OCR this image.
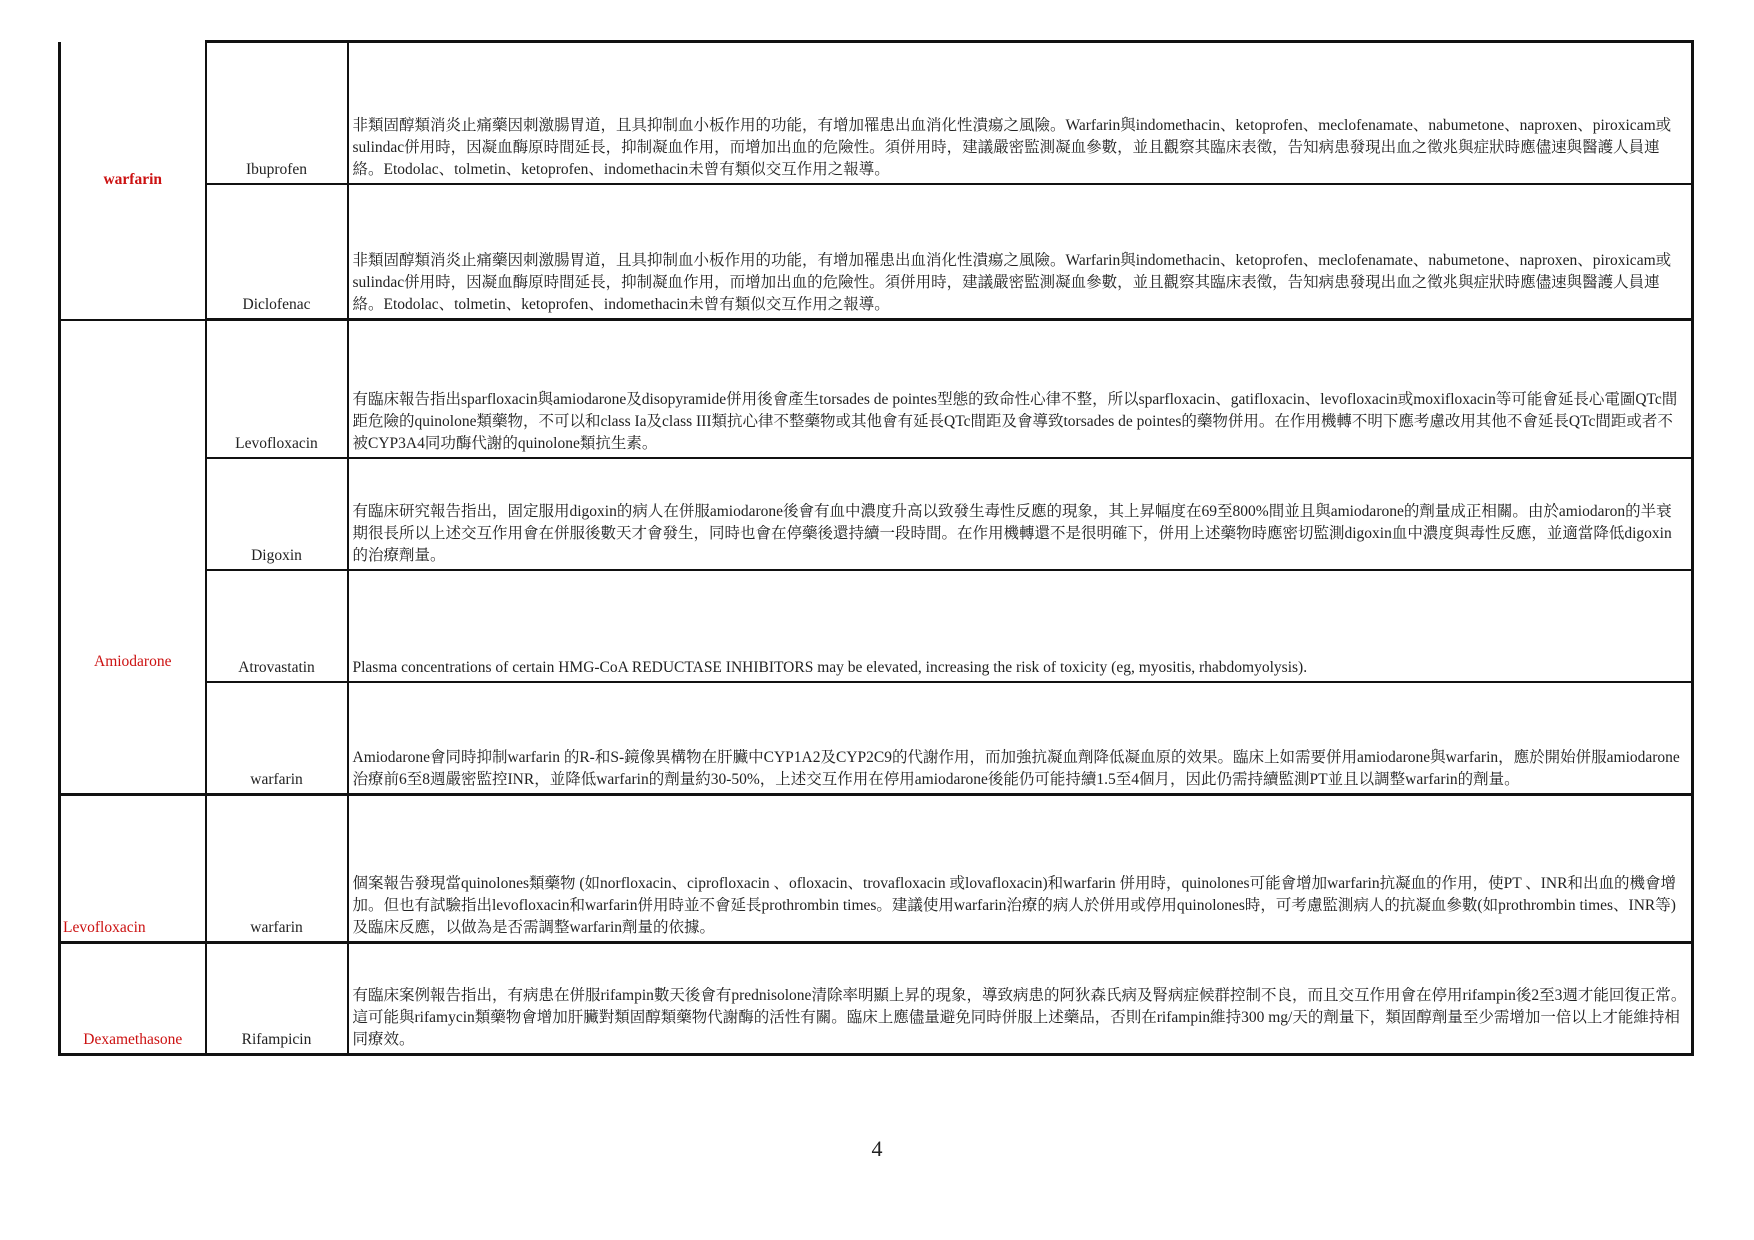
warfarin	Ibuprofen	非類固醇類消炎止痛藥因刺激腸胃道，且具抑制血小板作用的功能，有增加罹患出血消化性潰瘍之風險。Warfarin與indomethacin、ketoprofen、meclofenamate、nabumetone、naproxen、piroxicam或sulindac併用時，因凝血酶原時間延長，抑制凝血作用，而增加出血的危險性。須併用時，建議嚴密監測凝血參數，並且觀察其臨床表徵，告知病患發現出血之徵兆與症狀時應儘速與醫護人員連絡。Etodolac、tolmetin、ketoprofen、indomethacin未曾有類似交互作用之報導。
	Diclofenac	非類固醇類消炎止痛藥因刺激腸胃道，且具抑制血小板作用的功能，有增加罹患出血消化性潰瘍之風險。Warfarin與indomethacin、ketoprofen、meclofenamate、nabumetone、naproxen、piroxicam或sulindac併用時，因凝血酶原時間延長，抑制凝血作用，而增加出血的危險性。須併用時，建議嚴密監測凝血參數，並且觀察其臨床表徵，告知病患發現出血之徵兆與症狀時應儘速與醫護人員連絡。Etodolac、tolmetin、ketoprofen、indomethacin未曾有類似交互作用之報導。

Amiodarone	Levofloxacin	有臨床報告指出sparfloxacin與amiodarone及disopyramide併用後會產生torsades de pointes型態的致命性心律不整，所以sparfloxacin、gatifloxacin、levofloxacin或moxifloxacin等可能會延長心電圖QTc間距危險的quinolone類藥物，不可以和class Ia及class III類抗心律不整藥物或其他會有延長QTc間距及會導致torsades de pointes的藥物併用。在作用機轉不明下應考慮改用其他不會延長QTc間距或者不被CYP3A4同功酶代謝的quinolone類抗生素。
	Digoxin	有臨床研究報告指出，固定服用digoxin的病人在併服amiodarone後會有血中濃度升高以致發生毒性反應的現象，其上昇幅度在69至800%間並且與amiodarone的劑量成正相關。由於amiodaron的半衰期很長所以上述交互作用會在併服後數天才會發生，同時也會在停藥後還持續一段時間。在作用機轉還不是很明確下，併用上述藥物時應密切監測digoxin血中濃度與毒性反應，並適當降低digoxin的治療劑量。
	Atrovastatin	Plasma concentrations of certain HMG-CoA REDUCTASE INHIBITORS may be elevated, increasing the risk of toxicity (eg, myositis, rhabdomyolysis).
	warfarin	Amiodarone會同時抑制warfarin 的R-和S-鏡像異構物在肝臟中CYP1A2及CYP2C9的代謝作用，而加強抗凝血劑降低凝血原的效果。臨床上如需要併用amiodarone與warfarin，應於開始併服amiodarone治療前6至8週嚴密監控INR，並降低warfarin的劑量約30-50%，上述交互作用在停用amiodarone後能仍可能持續1.5至4個月，因此仍需持續監測PT並且以調整warfarin的劑量。
Levofloxacin	warfarin	個案報告發現當quinolones類藥物 (如norfloxacin、ciprofloxacin 、ofloxacin、trovafloxacin 或lovafloxacin)和warfarin 併用時，quinolones可能會增加warfarin抗凝血的作用，使PT 、INR和出血的機會增加。但也有試驗指出levofloxacin和warfarin併用時並不會延長prothrombin times。建議使用warfarin治療的病人於併用或停用quinolones時，可考慮監測病人的抗凝血參數(如prothrombin times、INR等)及臨床反應，以做為是否需調整warfarin劑量的依據。
Dexamethasone	Rifampicin	有臨床案例報告指出，有病患在併服rifampin數天後會有prednisolone清除率明顯上昇的現象，導致病患的阿狄森氏病及腎病症候群控制不良，而且交互作用會在停用rifampin後2至3週才能回復正常。這可能與rifamycin類藥物會增加肝臟對類固醇類藥物代謝酶的活性有關。臨床上應儘量避免同時併服上述藥品，否則在rifampin維持300 mg/天的劑量下，類固醇劑量至少需增加一倍以上才能維持相同療效。
4
